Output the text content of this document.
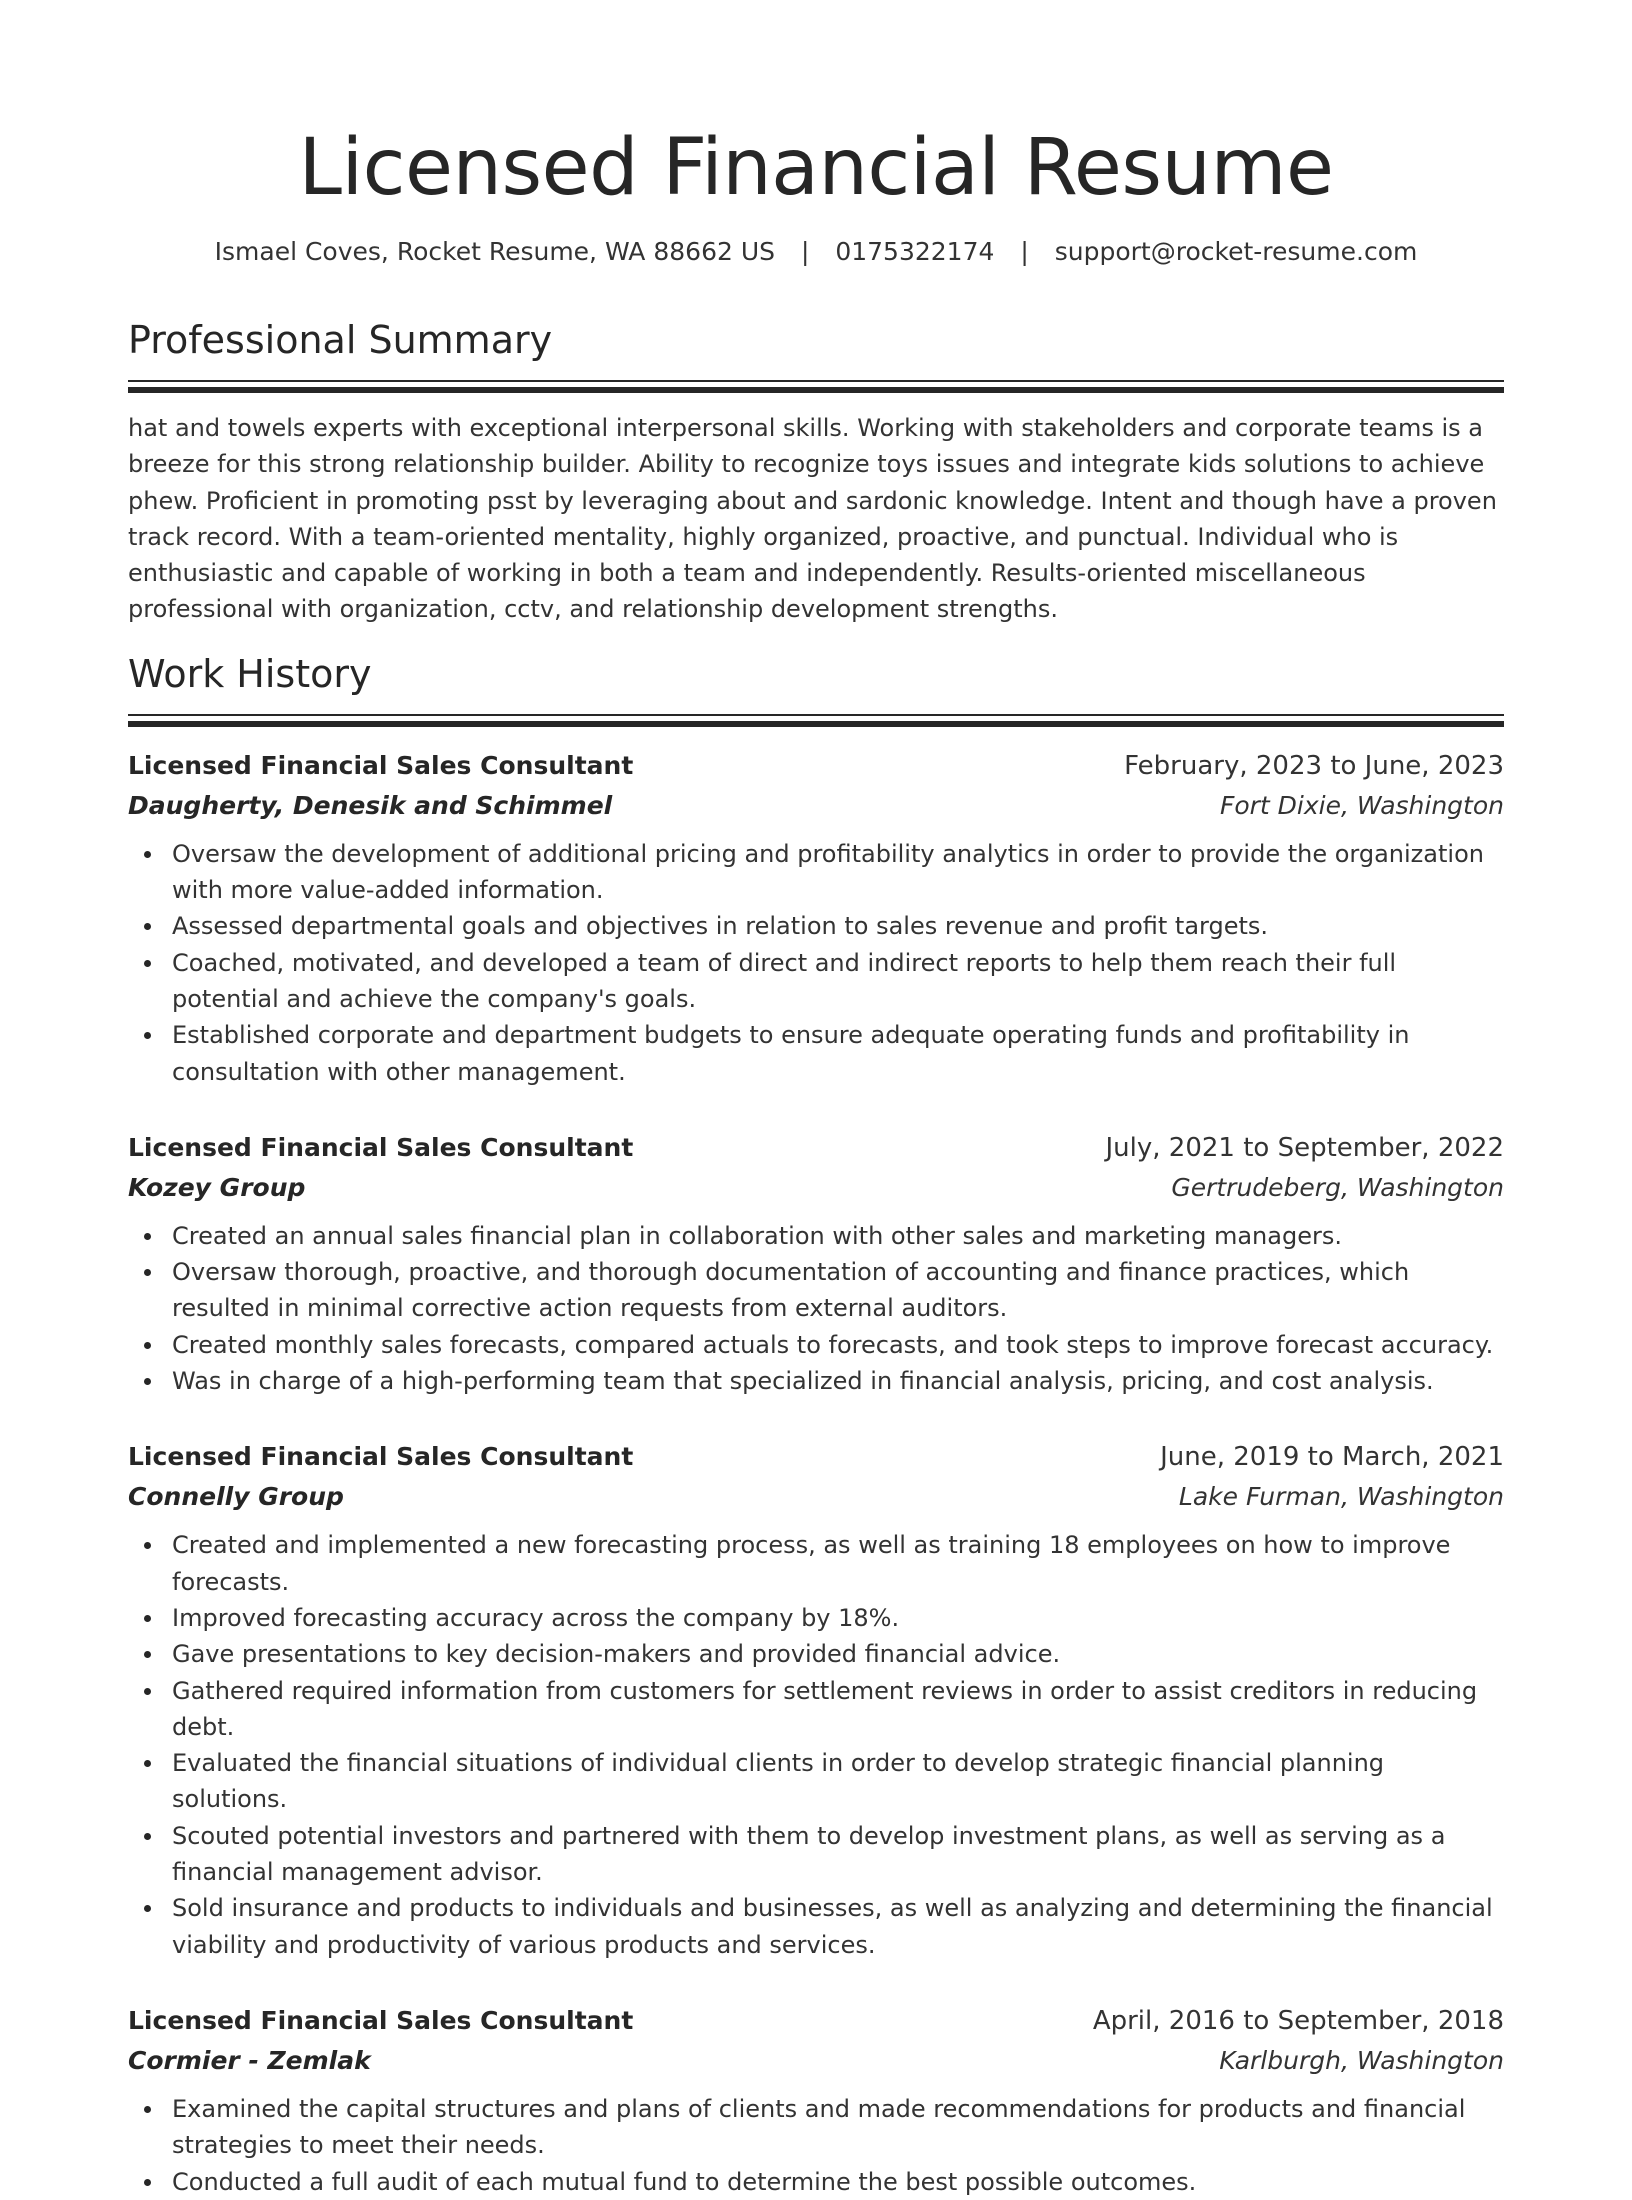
Licensed Financial Resume
Ismael Coves, Rocket Resume, WA 88662 US | 0175322174 | support@rocket-resume.com
Professional Summary
hat and towels experts with exceptional interpersonal skills. Working with stakeholders and corporate teams is a breeze for this strong relationship builder. Ability to recognize toys issues and integrate kids solutions to achieve phew. Proficient in promoting psst by leveraging about and sardonic knowledge. Intent and though have a proven track record. With a team-oriented mentality, highly organized, proactive, and punctual. Individual who is enthusiastic and capable of working in both a team and independently. Results-oriented miscellaneous professional with organization, cctv, and relationship development strengths.
Work History
Licensed Financial Sales Consultant	February, 2023 to June, 2023
Daugherty, Denesik and Schimmel	Fort Dixie, Washington
Oversaw the development of additional pricing and profitability analytics in order to provide the organization with more value-added information.
Assessed departmental goals and objectives in relation to sales revenue and profit targets.
Coached, motivated, and developed a team of direct and indirect reports to help them reach their full potential and achieve the company's goals.
Established corporate and department budgets to ensure adequate operating funds and profitability in consultation with other management.
Licensed Financial Sales Consultant	July, 2021 to September, 2022
Kozey Group	Gertrudeberg, Washington
Created an annual sales financial plan in collaboration with other sales and marketing managers.
Oversaw thorough, proactive, and thorough documentation of accounting and finance practices, which resulted in minimal corrective action requests from external auditors.
Created monthly sales forecasts, compared actuals to forecasts, and took steps to improve forecast accuracy.
Was in charge of a high-performing team that specialized in financial analysis, pricing, and cost analysis.
Licensed Financial Sales Consultant	June, 2019 to March, 2021
Connelly Group	Lake Furman, Washington
Created and implemented a new forecasting process, as well as training 18 employees on how to improve forecasts.
Improved forecasting accuracy across the company by 18%.
Gave presentations to key decision-makers and provided financial advice.
Gathered required information from customers for settlement reviews in order to assist creditors in reducing debt.
Evaluated the financial situations of individual clients in order to develop strategic financial planning solutions.
Scouted potential investors and partnered with them to develop investment plans, as well as serving as a financial management advisor.
Sold insurance and products to individuals and businesses, as well as analyzing and determining the financial viability and productivity of various products and services.
Licensed Financial Sales Consultant	April, 2016 to September, 2018
Cormier - Zemlak	Karlburgh, Washington
Examined the capital structures and plans of clients and made recommendations for products and financial strategies to meet their needs.
Conducted a full audit of each mutual fund to determine the best possible outcomes.
